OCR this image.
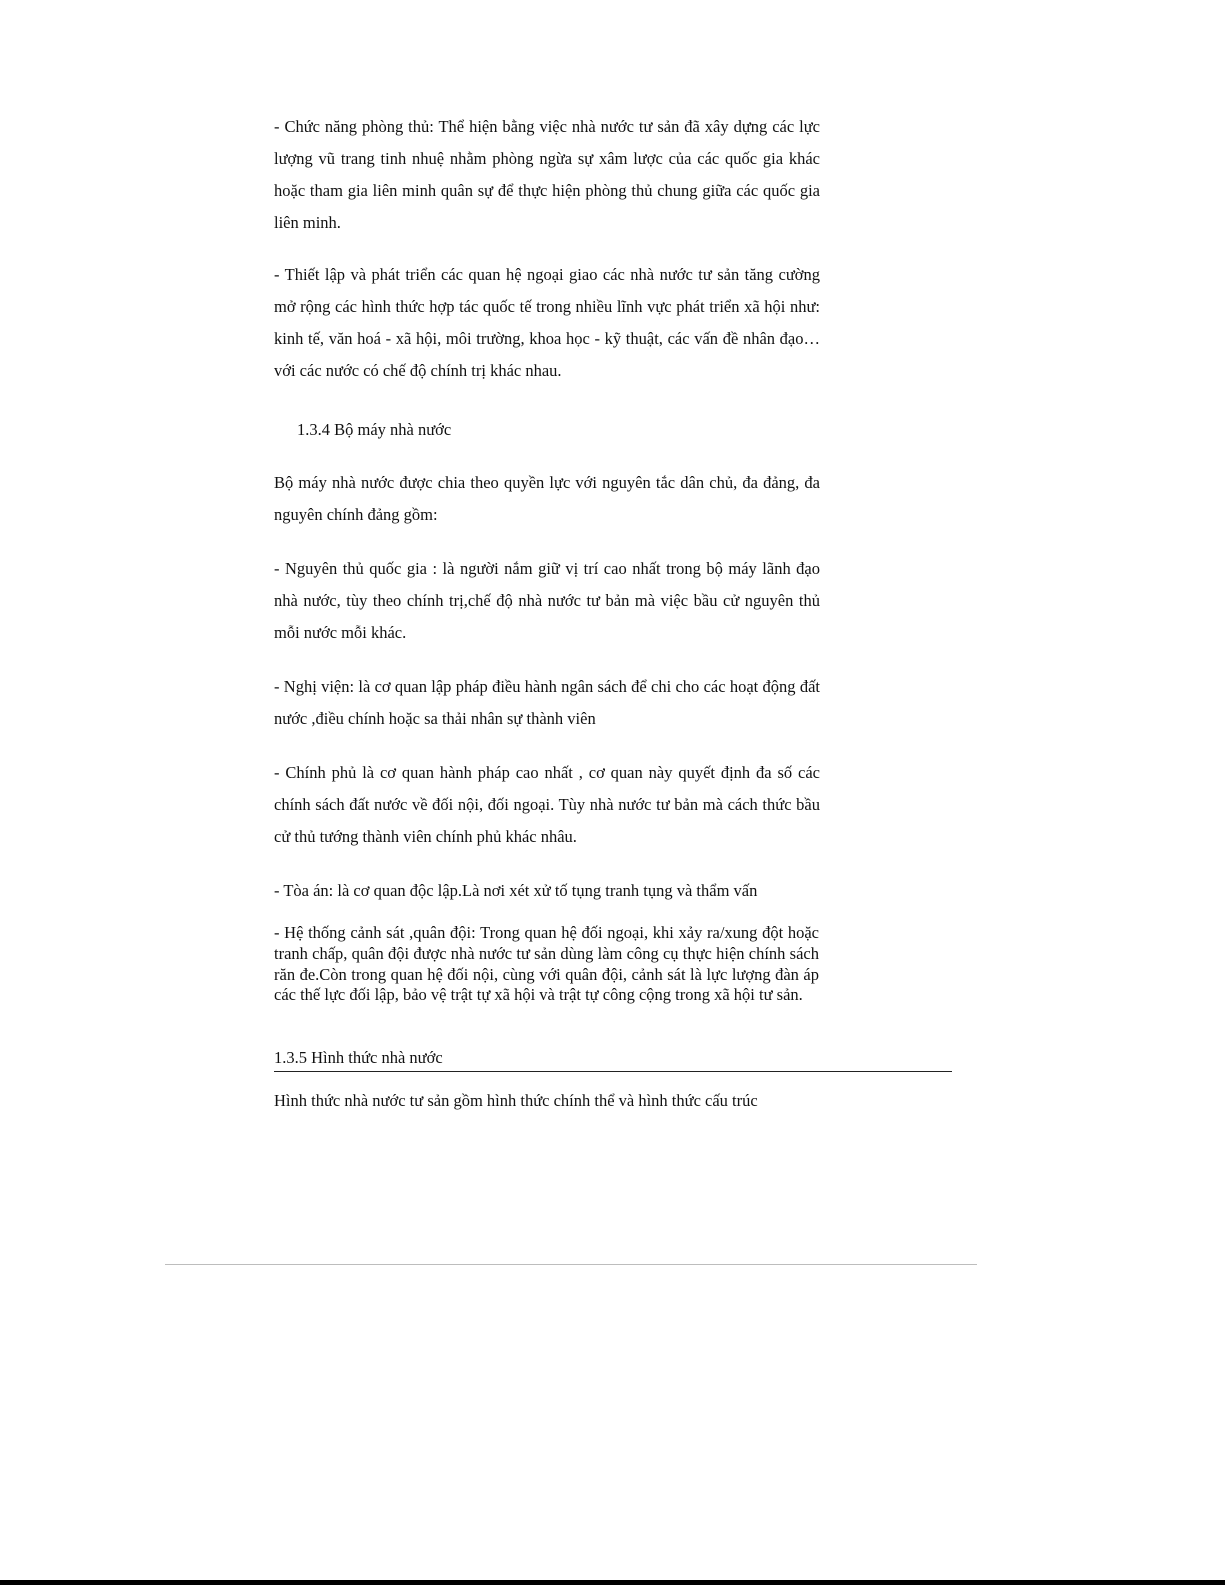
- Chức năng phòng thủ: Thể hiện bằng việc nhà nước tư sản đã xây dựng các lực lượng vũ trang tinh nhuệ nhằm phòng ngừa sự xâm lược của các quốc gia khác hoặc tham gia liên minh quân sự để thực hiện phòng thủ chung giữa các quốc gia liên minh.

- Thiết lập và phát triển các quan hệ ngoại giao các nhà nước tư sản tăng cường mở rộng các hình thức hợp tác quốc tế trong nhiều lĩnh vực phát triển xã hội như: kinh tế, văn hoá - xã hội, môi trường, khoa học - kỹ thuật, các vấn đề nhân đạo… với các nước có chế độ chính trị khác nhau.

1.3.4 Bộ máy nhà nước

Bộ máy nhà nước được chia theo quyền lực với nguyên tắc dân chủ, đa đảng, đa nguyên chính đảng gồm:

- Nguyên thủ quốc gia : là người nắm giữ vị trí cao nhất trong bộ máy lãnh đạo nhà nước, tùy theo chính trị,chế độ nhà nước tư bản mà việc bầu cử nguyên thủ mỗi nước mỗi khác.

- Nghị viện: là cơ quan lập pháp điều hành ngân sách để chi cho các hoạt động đất nước ,điều chính hoặc sa thải nhân sự thành viên

- Chính phủ là cơ quan hành pháp cao nhất , cơ quan này quyết định đa số các chính sách đất nước về đối nội, đối ngoại. Tùy nhà nước tư bản mà cách thức bầu cử thủ tướng thành viên chính phủ khác nhâu.

- Tòa án: là cơ quan độc lập.Là nơi xét xử tố tụng tranh tụng và thẩm vấn

- Hệ thống cảnh sát ,quân đội: Trong quan hệ đối ngoại, khi xảy ra/xung đột hoặc tranh chấp, quân đội được nhà nước tư sản dùng làm công cụ thực hiện chính sách răn đe.Còn trong quan hệ đối nội, cùng với quân đội, cảnh sát là lực lượng đàn áp các thế lực đối lập, bảo vệ trật tự xã hội và trật tự công cộng trong xã hội tư sản.

1.3.5 Hình thức nhà nước

Hình thức nhà nước tư sản gồm hình thức chính thể và hình thức cấu trúc
